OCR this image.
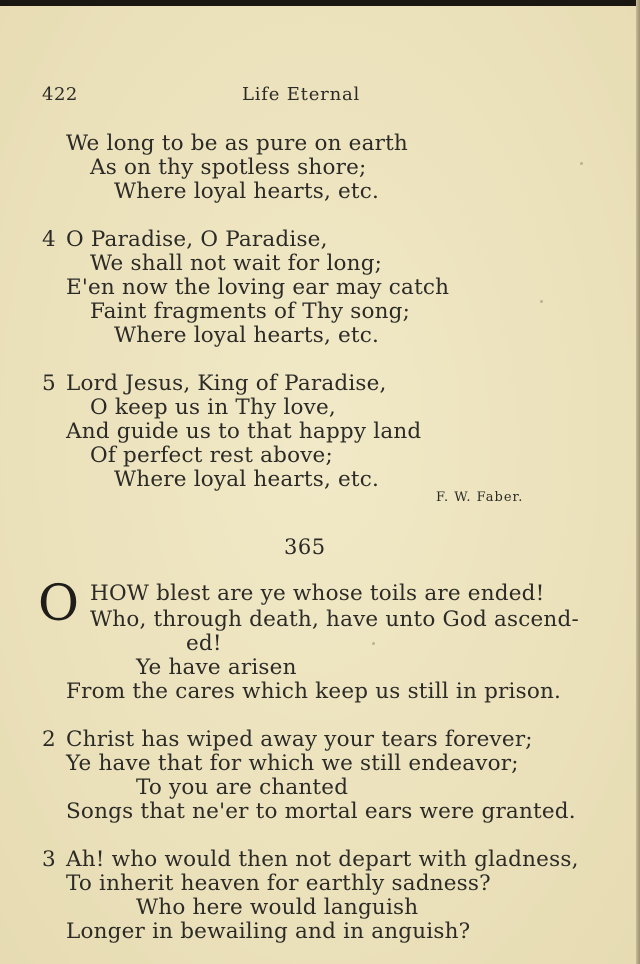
422	Life Eternal
We long to be as pure on earth
As on thy spotless shore;
Where loyal hearts, etc.
4 O Paradise, O Paradise,
We shall not wait for long;
E'en now the loving ear may catch
Faint fragments of Thy song;
Where loyal hearts, etc.
5 Lord Jesus, King of Paradise,
O keep us in Thy love,
And guide us to that happy land
Of perfect rest above;
Where loyal hearts, etc.
F. W. Faber.
365
O HOW blest are ye whose toils are ended!
Who, through death, have unto God ascend-
ed!
Ye have arisen
From the cares which keep us still in prison.
2 Christ has wiped away your tears forever;
Ye have that for which we still endeavor;
To you are chanted
Songs that ne'er to mortal ears were granted.
3 Ah! who would then not depart with gladness,
To inherit heaven for earthly sadness?
Who here would languish
Longer in bewailing and in anguish?
